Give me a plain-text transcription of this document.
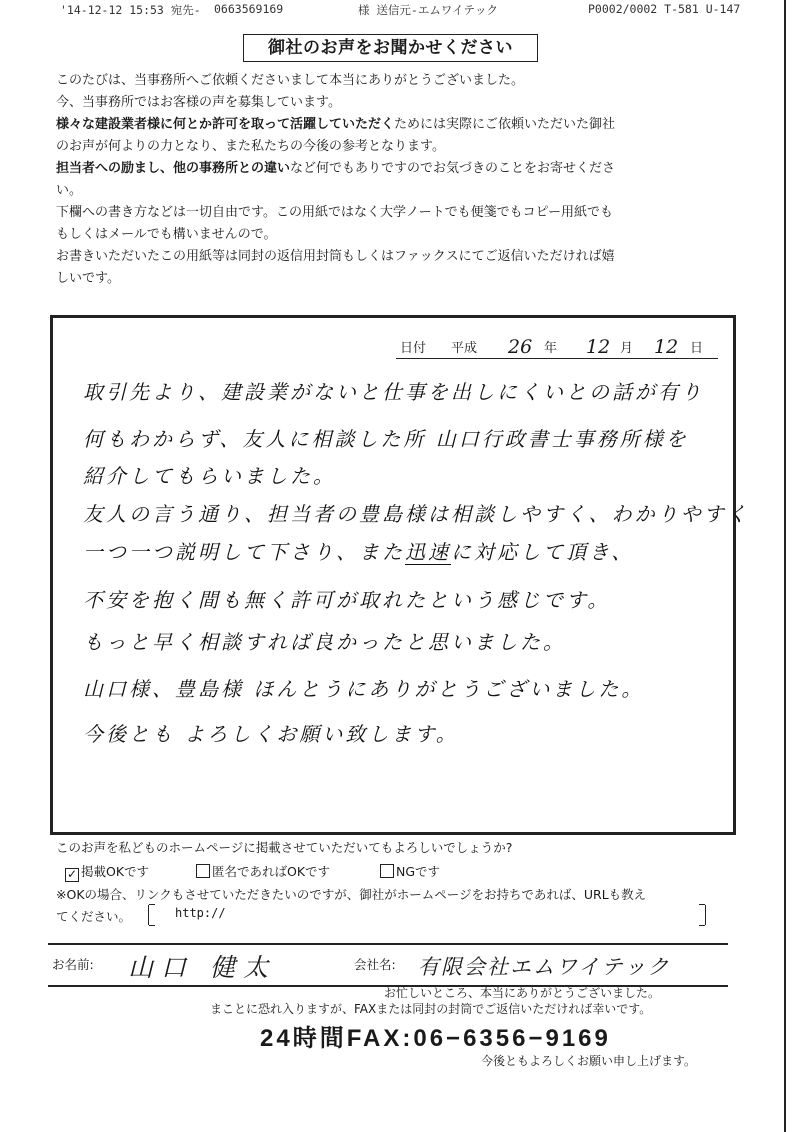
'14-12-12 15:53 宛先- 0663569169	様 送信元-エムワイテック	P0002/0002 T-581 U-147
御社のお声をお聞かせください

このたびは、当事務所へご依頼くださいまして本当にありがとうございました。

今、当事務所ではお客様の声を募集しています。

様々な建設業者様に何とか許可を取って活躍していただくためには実際にご依頼いただいた御社

のお声が何よりの力となり、また私たちの今後の参考となります。

担当者への励まし、他の事務所との違いなど何でもありですのでお気づきのことをお寄せくださ

い。

下欄への書き方などは一切自由です。この用紙ではなく大学ノートでも便箋でもコピー用紙でも

もしくはメールでも構いませんので。

お書きいただいたこの用紙等は同封の返信用封筒もしくはファックスにてご返信いただければ嬉

しいです。

日付 平成 26 年 12 月 12 日
取引先より、建設業がないと仕事を出しにくいとの話が有り
何もわからず、友人に相談した所 山口行政書士事務所様を
紹介してもらいました。
友人の言う通り、担当者の豊島様は相談しやすく、わかりやすく
一つ一つ説明して下さり、また迅速に対応して頂き、
不安を抱く間も無く許可が取れたという感じです。
もっと早く相談すれば良かったと思いました。
山口様、豊島様 ほんとうにありがとうございました。
今後とも よろしくお願い致します。
このお声を私どものホームページに掲載させていただいてもよろしいでしょうか?
✓ 掲載OKです	匿名であればOKです	NGです
※OKの場合、リンクもさせていただきたいのですが、御社がホームページをお持ちであれば、URLも教え
てください。	http://
お名前: 山口 健太	会社名: 有限会社エムワイテック
お忙しいところ、本当にありがとうございました。
まことに恐れ入りますが、FAXまたは同封の封筒でご返信いただければ幸いです。
24時間FAX:06−6356−9169
今後ともよろしくお願い申し上げます。
